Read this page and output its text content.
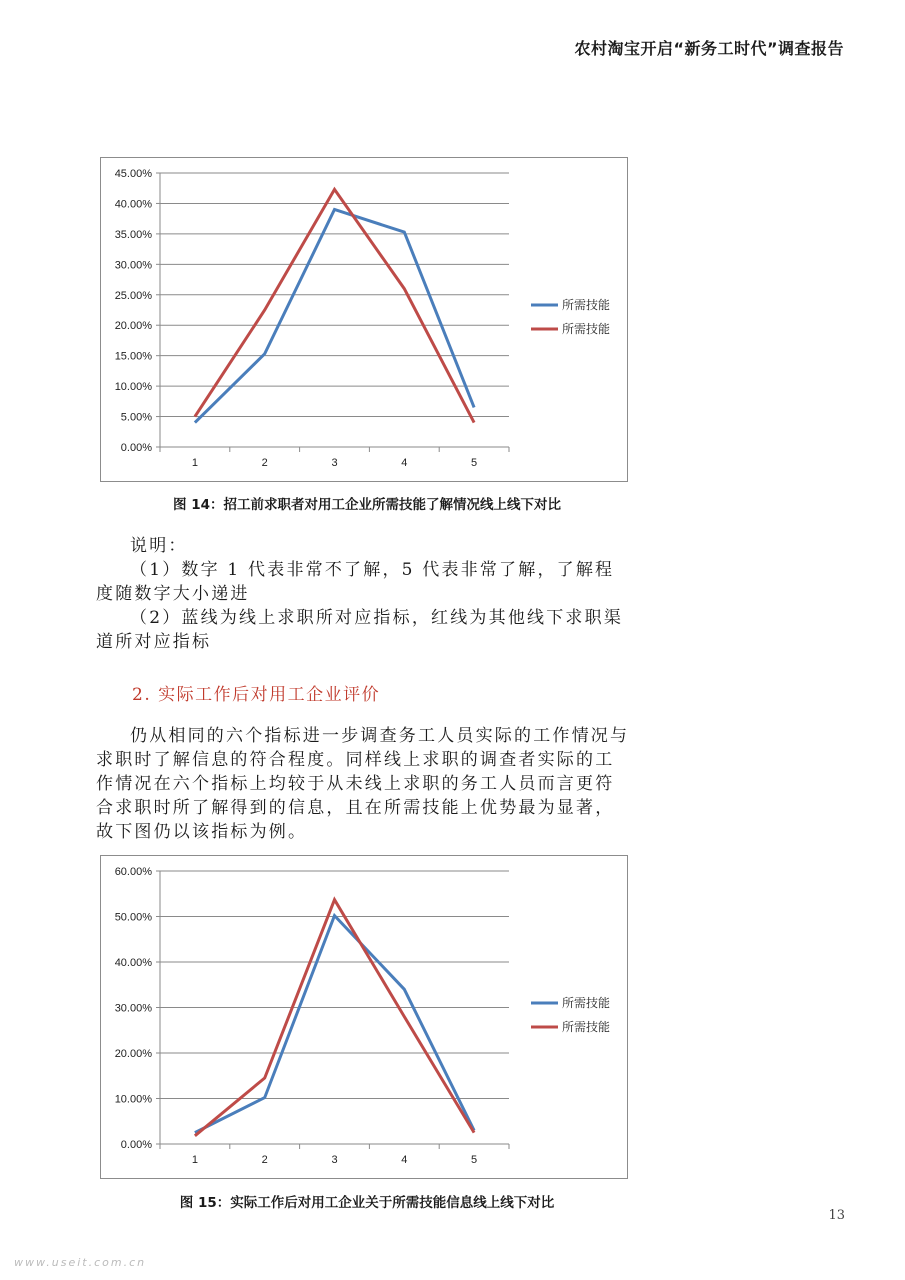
农村淘宝开启“新务工时代”调查报告
45.00%
40.00%
35.00%
30.00%
25.00%
20.00%
15.00%
10.00%
5.00%
0.00%
1	2	3	4	5
所需技能
所需技能
图 14：招工前求职者对用工企业所需技能了解情况线上线下对比
说明：
（1）数字 1 代表非常不了解，5 代表非常了解，了解程度随数字大小递进
（2）蓝线为线上求职所对应指标，红线为其他线下求职渠道所对应指标
2. 实际工作后对用工企业评价
仍从相同的六个指标进一步调查务工人员实际的工作情况与求职时了解信息的符合程度。同样线上求职的调查者实际的工作情况在六个指标上均较于从未线上求职的务工人员而言更符合求职时所了解得到的信息，且在所需技能上优势最为显著，故下图仍以该指标为例。
60.00%
50.00%
40.00%
30.00%
20.00%
10.00%
0.00%
1	2	3	4	5
所需技能
所需技能
图 15：实际工作后对用工企业关于所需技能信息线上线下对比
13
www.useit.com.cn
